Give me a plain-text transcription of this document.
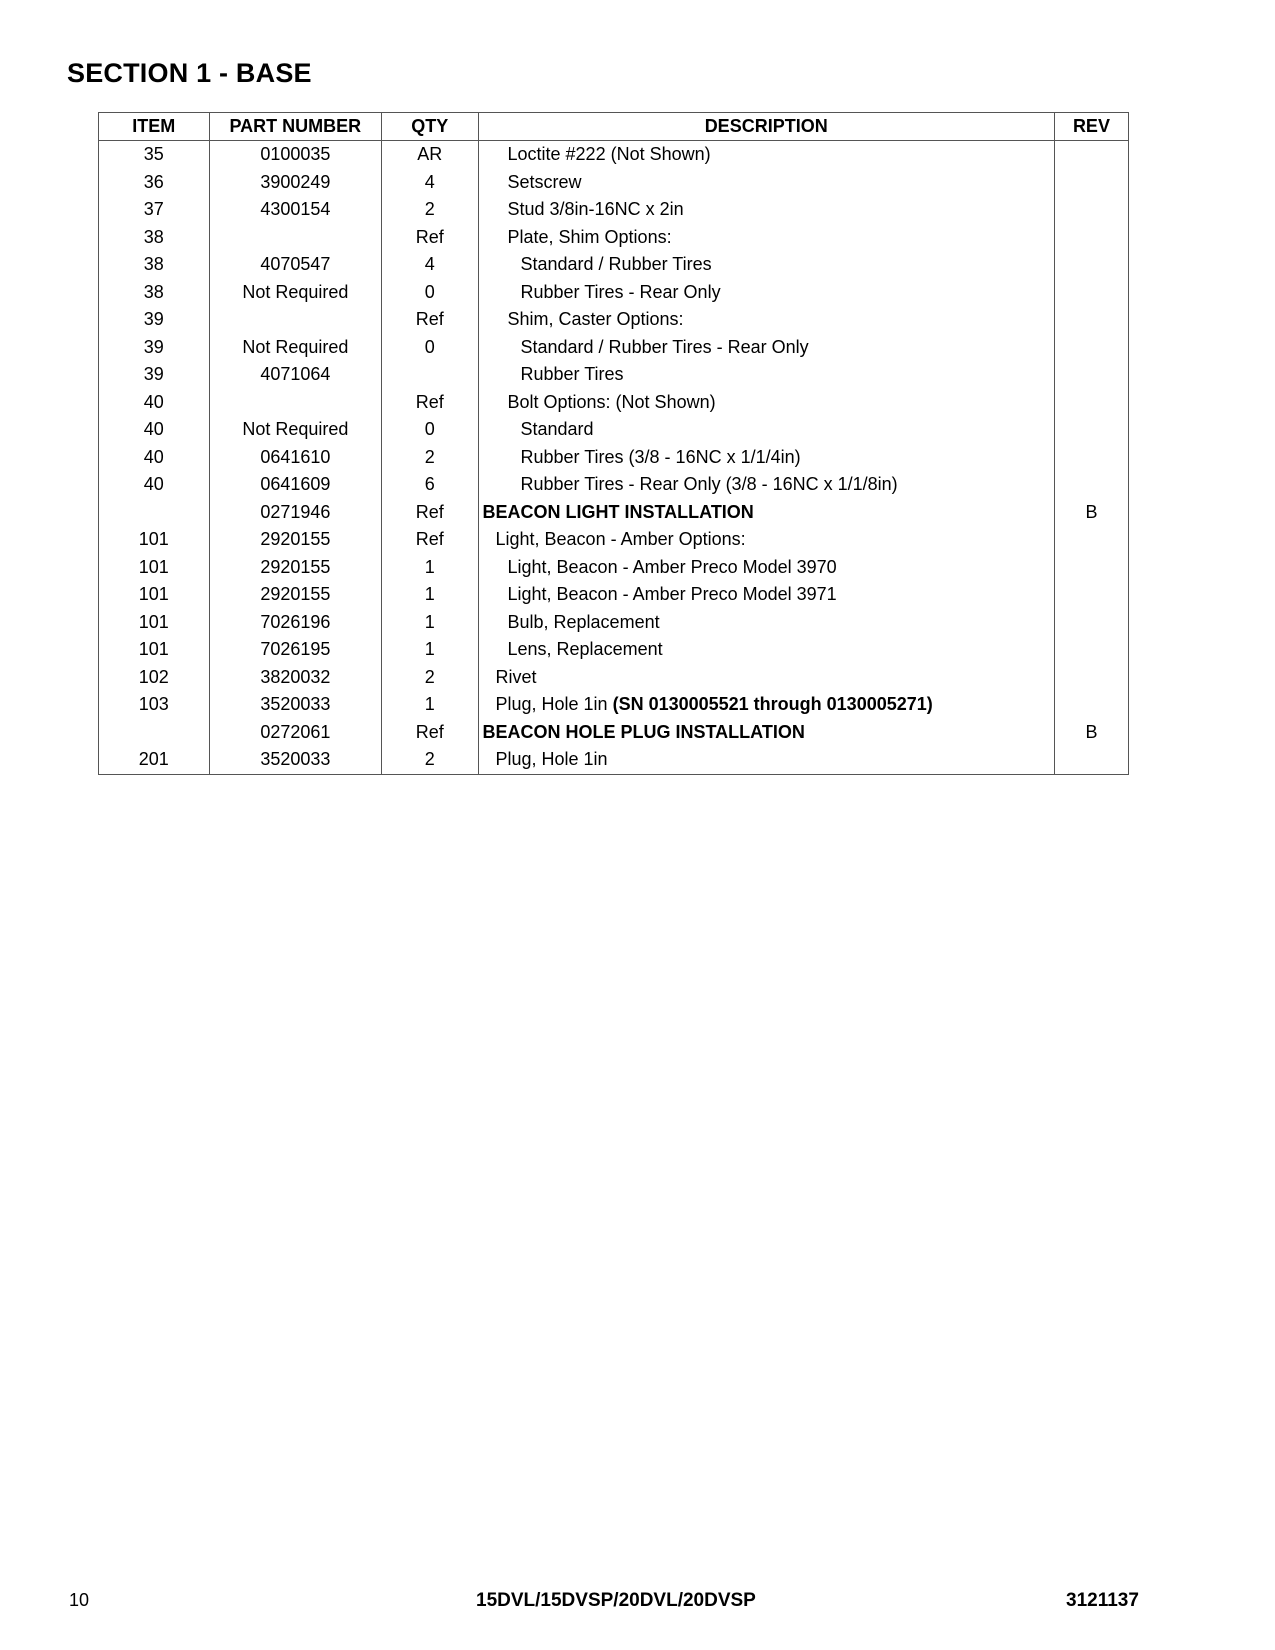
SECTION 1 - BASE
ITEM	PART NUMBER	QTY	DESCRIPTION	REV
35	0100035	AR	Loctite #222 (Not Shown)	
36	3900249	4	Setscrew	
37	4300154	2	Stud 3/8in-16NC x 2in	
38		Ref	Plate, Shim Options:	
38	4070547	4	Standard / Rubber Tires	
38	Not Required	0	Rubber Tires - Rear Only	
39		Ref	Shim, Caster Options:	
39	Not Required	0	Standard / Rubber Tires - Rear Only	
39	4071064		Rubber Tires	
40		Ref	Bolt Options: (Not Shown)	
40	Not Required	0	Standard	
40	0641610	2	Rubber Tires (3/8 - 16NC x 1/1/4in)	
40	0641609	6	Rubber Tires - Rear Only (3/8 - 16NC x 1/1/8in)	
	0271946	Ref	BEACON LIGHT INSTALLATION	B
101	2920155	Ref	Light, Beacon - Amber Options:	
101	2920155	1	Light, Beacon - Amber Preco Model 3970	
101	2920155	1	Light, Beacon - Amber Preco Model 3971	
101	7026196	1	Bulb, Replacement	
101	7026195	1	Lens, Replacement	
102	3820032	2	Rivet	
103	3520033	1	Plug, Hole 1in (SN 0130005521 through 0130005271)	
	0272061	Ref	BEACON HOLE PLUG INSTALLATION	B
201	3520033	2	Plug, Hole 1in	
10	15DVL/15DVSP/20DVL/20DVSP	3121137
